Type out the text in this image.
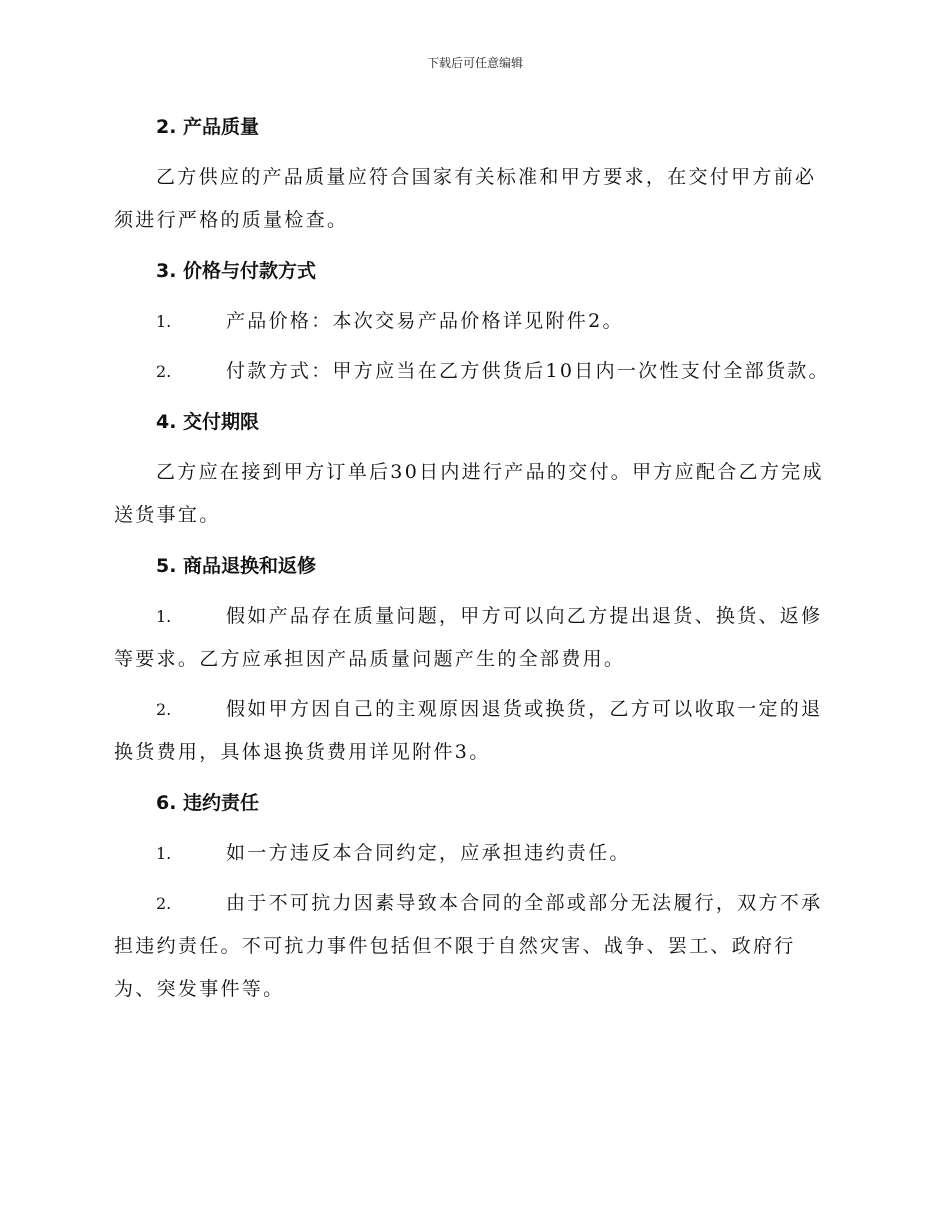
下载后可任意编辑
2. 产品质量

乙方供应的产品质量应符合国家有关标准和甲方要求，在交付甲方前必须进行严格的质量检查。

3. 价格与付款方式

1.	产品价格：本次交易产品价格详见附件2。

2.	付款方式：甲方应当在乙方供货后10日内一次性支付全部货款。

4. 交付期限

乙方应在接到甲方订单后30日内进行产品的交付。甲方应配合乙方完成送货事宜。

5. 商品退换和返修

1.	假如产品存在质量问题，甲方可以向乙方提出退货、换货、返修等要求。乙方应承担因产品质量问题产生的全部费用。

2.	假如甲方因自己的主观原因退货或换货，乙方可以收取一定的退换货费用，具体退换货费用详见附件3。

6. 违约责任

1.	如一方违反本合同约定，应承担违约责任。

2.	由于不可抗力因素导致本合同的全部或部分无法履行，双方不承担违约责任。不可抗力事件包括但不限于自然灾害、战争、罢工、政府行为、突发事件等。
